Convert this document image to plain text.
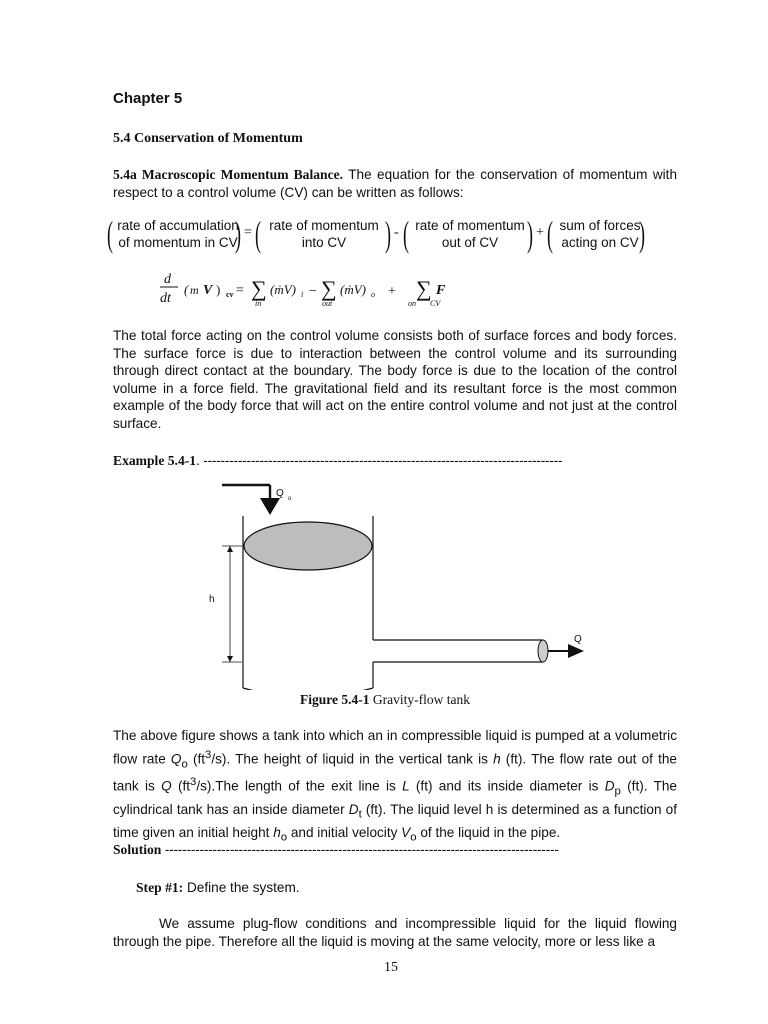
Chapter 5
5.4 Conservation of Momentum
5.4a Macroscopic Momentum Balance. The equation for the conservation of momentum with respect to a control volume (CV) can be written as follows:
( rate of accumulation
of momentum in CV
) = ( rate of momentum
into CV	) - ( rate of momentum
out of CV ) + ( sum of forces
acting on CV )
d
dt
( m V ) cv = ∑
in
(ṁV) i − ∑
out
(ṁV) o + ∑ F
on CV
The total force acting on the control volume consists both of surface forces and body forces. The surface force is due to interaction between the control volume and its surrounding through direct contact at the boundary. The body force is due to the location of the control volume in a force field. The gravitational field and its resultant force is the most common example of the body force that will act on the entire control volume and not just at the control surface.
Example 5.4-1. -----------------------------------------------------------------------------------
Q o
Q
h
Figure 5.4-1 Gravity-flow tank
The above figure shows a tank into which an in compressible liquid is pumped at a volumetric flow rate $Q_o$ $(ft^3/s)$. The height of liquid in the vertical tank is h (ft). The flow rate out of the tank is Q $(ft^3/s).The$ length of the exit line is L (ft) and its inside diameter is $D_p$ (ft). The cylindrical tank has an inside diameter $D_t$ (ft). The liquid level h is determined as a function of time given an initial height $h_o$ and initial velocity $V_o$ of the liquid in the pipe.
Solution -------------------------------------------------------------------------------------------
Step #1: Define the system.
We assume plug-flow conditions and incompressible liquid for the liquid flowing through the pipe. Therefore all the liquid is moving at the same velocity, more or less like a
15
